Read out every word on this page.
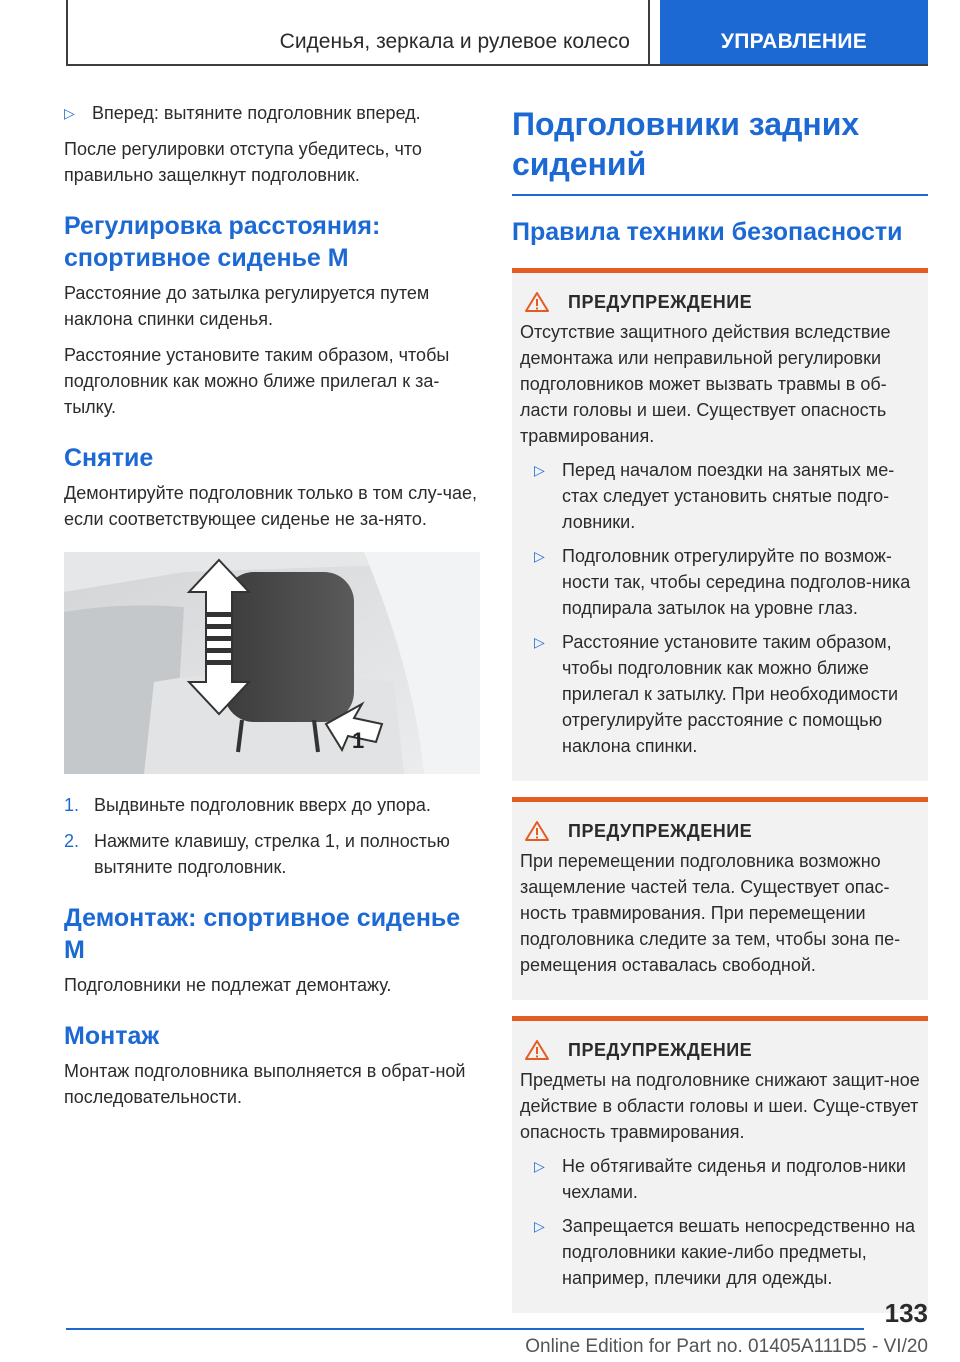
Сиденья, зеркала и рулевое колесо	УПРАВЛЕНИЕ
▷ Вперед: вытяните подголовник вперед.

После регулировки отступа убедитесь, что правильно защелкнут подголовник.

Регулировка расстояния: спортивное сиденье M

Расстояние до затылка регулируется путем наклона спинки сиденья.

Расстояние установите таким образом, чтобы подголовник как можно ближе прилегал к за-тылку.

Снятие

Демонтируйте подголовник только в том слу-чае, если соответствующее сиденье не за-нято.

1
1. Выдвиньте подголовник вверх до упора.
2. Нажмите клавишу, стрелка 1, и полностью вытяните подголовник.
Демонтаж: спортивное сиденье M

Подголовники не подлежат демонтажу.

Монтаж

Монтаж подголовника выполняется в обрат-ной последовательности.

Подголовники задних сидений
Правила техники безопасности
ПРЕДУПРЕЖДЕНИЕ

Отсутствие защитного действия вследствие демонтажа или неправильной регулировки подголовников может вызвать травмы в об-ласти головы и шеи. Существует опасность травмирования.

▷ Перед началом поездки на занятых ме-стах следует установить снятые подго-ловники.
▷ Подголовник отрегулируйте по возмож-ности так, чтобы середина подголов-ника подпирала затылок на уровне глаз.
▷ Расстояние установите таким образом, чтобы подголовник как можно ближе прилегал к затылку. При необходимости отрегулируйте расстояние с помощью наклона спинки.
ПРЕДУПРЕЖДЕНИЕ

При перемещении подголовника возможно защемление частей тела. Существует опас-ность травмирования. При перемещении подголовника следите за тем, чтобы зона пе-ремещения оставалась свободной.

ПРЕДУПРЕЖДЕНИЕ

Предметы на подголовнике снижают защит-ное действие в области головы и шеи. Суще-ствует опасность травмирования.

▷ Не обтягивайте сиденья и подголов-ники чехлами.
▷ Запрещается вешать непосредственно на подголовники какие-либо предметы, например, плечики для одежды.
133
Online Edition for Part no. 01405A111D5 - VI/20
